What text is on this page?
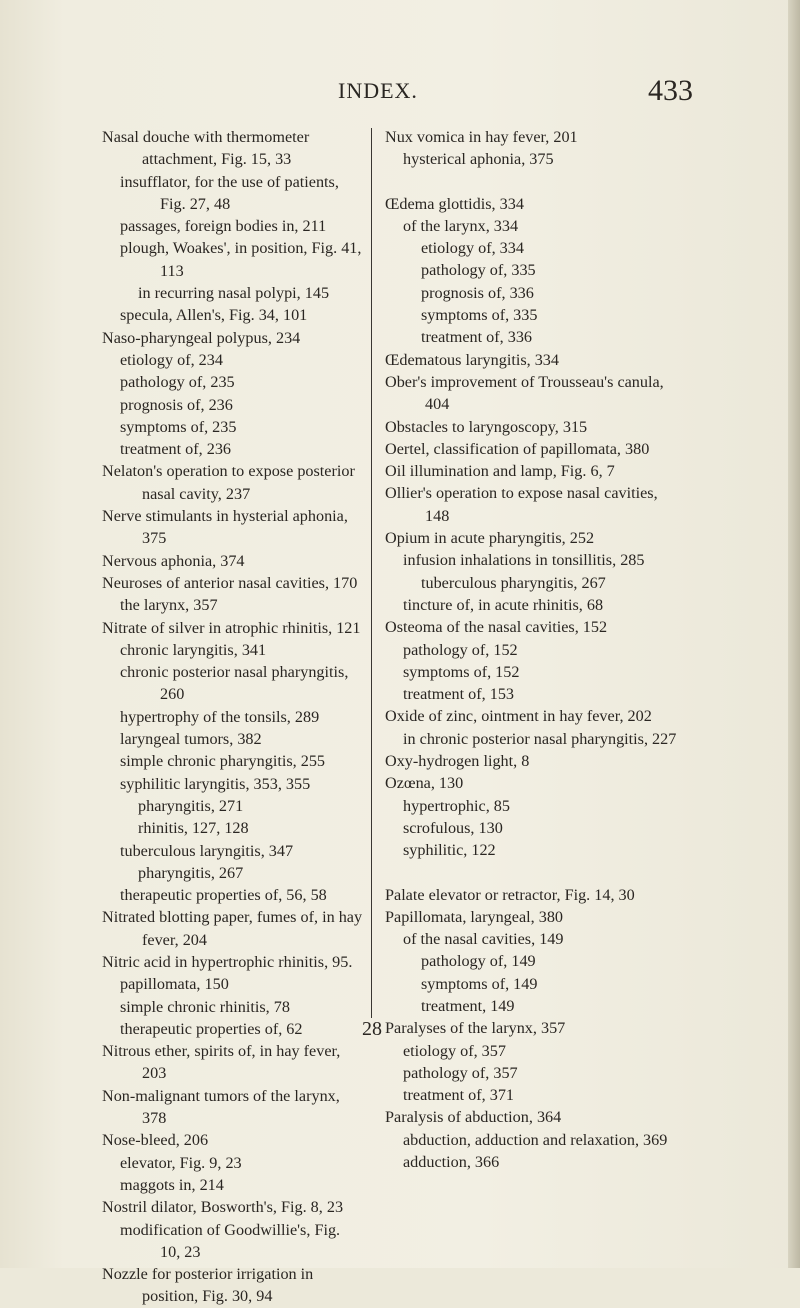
INDEX.	433
Nasal douche with thermometer attachment, Fig. 15, 33
insufflator, for the use of patients, Fig. 27, 48
passages, foreign bodies in, 211
plough, Woakes', in position, Fig. 41, 113
in recurring nasal polypi, 145
specula, Allen's, Fig. 34, 101
Naso-pharyngeal polypus, 234
etiology of, 234
pathology of, 235
prognosis of, 236
symptoms of, 235
treatment of, 236
Nelaton's operation to expose posterior nasal cavity, 237
Nerve stimulants in hysterial aphonia, 375
Nervous aphonia, 374
Neuroses of anterior nasal cavities, 170
the larynx, 357
Nitrate of silver in atrophic rhinitis, 121
chronic laryngitis, 341
chronic posterior nasal pharyngitis, 260
hypertrophy of the tonsils, 289
laryngeal tumors, 382
simple chronic pharyngitis, 255
syphilitic laryngitis, 353, 355
pharyngitis, 271
rhinitis, 127, 128
tuberculous laryngitis, 347
pharyngitis, 267
therapeutic properties of, 56, 58
Nitrated blotting paper, fumes of, in hay fever, 204
Nitric acid in hypertrophic rhinitis, 95.
papillomata, 150
simple chronic rhinitis, 78
therapeutic properties of, 62
Nitrous ether, spirits of, in hay fever, 203
Non-malignant tumors of the larynx, 378
Nose-bleed, 206
elevator, Fig. 9, 23
maggots in, 214
Nostril dilator, Bosworth's, Fig. 8, 23
modification of Goodwillie's, Fig. 10, 23
Nozzle for posterior irrigation in position, Fig. 30, 94
Nux vomica in hay fever, 201
hysterical aphonia, 375
Œdema glottidis, 334
of the larynx, 334
etiology of, 334
pathology of, 335
prognosis of, 336
symptoms of, 335
treatment of, 336
Œdematous laryngitis, 334
Ober's improvement of Trousseau's canula, 404
Obstacles to laryngoscopy, 315
Oertel, classification of papillomata, 380
Oil illumination and lamp, Fig. 6, 7
Ollier's operation to expose nasal cavities, 148
Opium in acute pharyngitis, 252
infusion inhalations in tonsillitis, 285
tuberculous pharyngitis, 267
tincture of, in acute rhinitis, 68
Osteoma of the nasal cavities, 152
pathology of, 152
symptoms of, 152
treatment of, 153
Oxide of zinc, ointment in hay fever, 202
in chronic posterior nasal pharyngitis, 227
Oxy-hydrogen light, 8
Ozœna, 130
hypertrophic, 85
scrofulous, 130
syphilitic, 122
Palate elevator or retractor, Fig. 14, 30
Papillomata, laryngeal, 380
of the nasal cavities, 149
pathology of, 149
symptoms of, 149
treatment, 149
Paralyses of the larynx, 357
etiology of, 357
pathology of, 357
treatment of, 371
Paralysis of abduction, 364
abduction, adduction and relaxation, 369
adduction, 366
28
